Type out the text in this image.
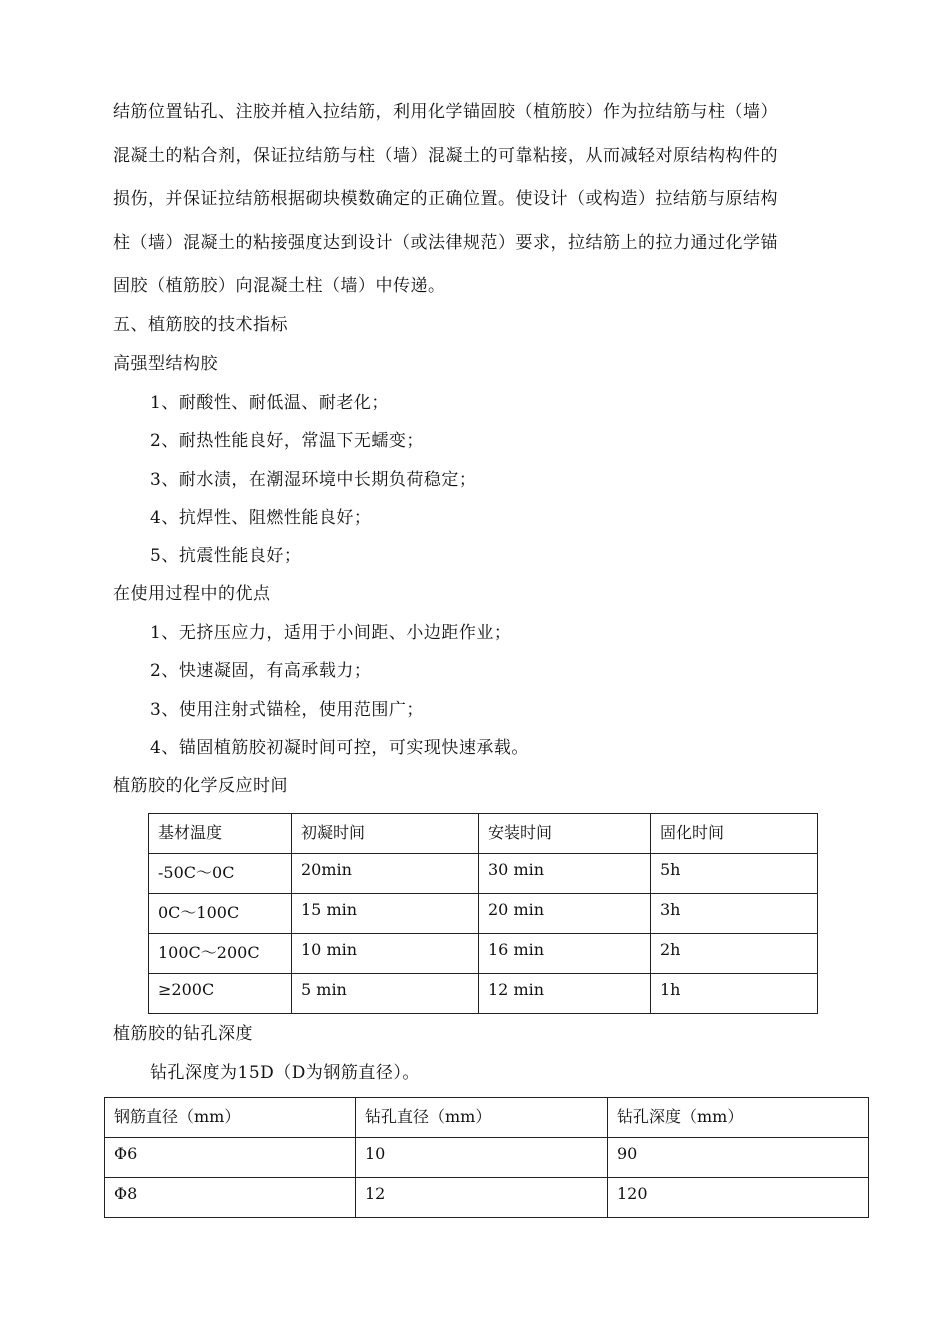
结筋位置钻孔、注胶并植入拉结筋，利用化学锚固胶（植筋胶）作为拉结筋与柱（墙）
混凝土的粘合剂，保证拉结筋与柱（墙）混凝土的可靠粘接，从而减轻对原结构构件的
损伤，并保证拉结筋根据砌块模数确定的正确位置。使设计（或构造）拉结筋与原结构
柱（墙）混凝土的粘接强度达到设计（或法律规范）要求，拉结筋上的拉力通过化学锚
固胶（植筋胶）向混凝土柱（墙）中传递。
五、植筋胶的技术指标
高强型结构胶
1、耐酸性、耐低温、耐老化；
2、耐热性能良好，常温下无蠕变；
3、耐水渍，在潮湿环境中长期负荷稳定；
4、抗焊性、阻燃性能良好；
5、抗震性能良好；
在使用过程中的优点
1、无挤压应力，适用于小间距、小边距作业；
2、快速凝固，有高承载力；
3、使用注射式锚栓，使用范围广；
4、锚固植筋胶初凝时间可控，可实现快速承载。
植筋胶的化学反应时间
基材温度	初凝时间	安装时间	固化时间
-50C～0C	20min	30 min	5h
0C～100C	15 min	20 min	3h
100C～200C	10 min	16 min	2h
≥200C	5 min	12 min	1h
植筋胶的钻孔深度
钻孔深度为15D（D为钢筋直径）。
钢筋直径（mm）	钻孔直径（mm）	钻孔深度（mm）
Φ6	10	90
Φ8	12	120
